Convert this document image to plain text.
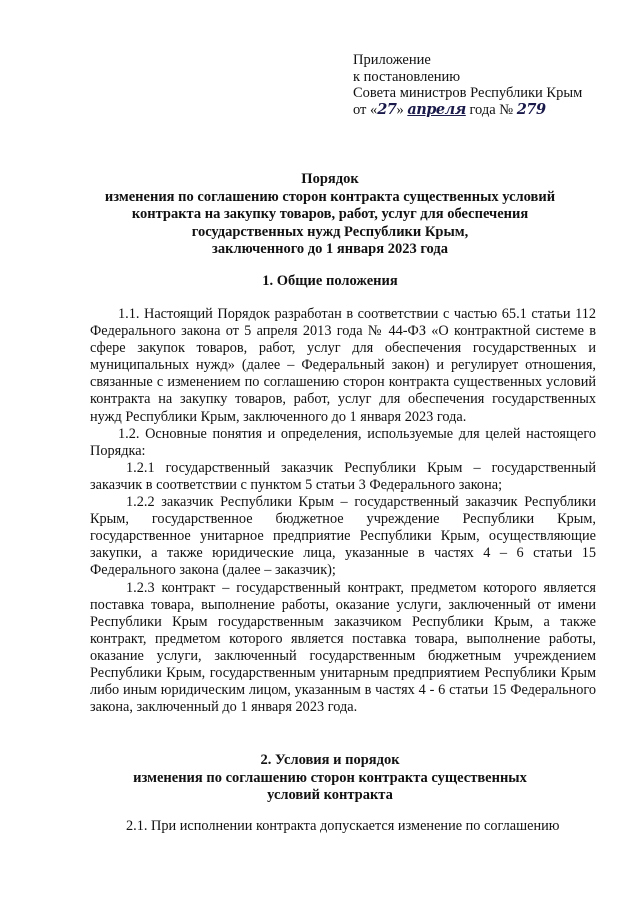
Приложение
к постановлению
Совета министров Республики Крым
от «27» апреля года № 279
Порядок
изменения по соглашению сторон контракта существенных условий
контракта на закупку товаров, работ, услуг для обеспечения
государственных нужд Республики Крым,
заключенного до 1 января 2023 года
1. Общие положения

1.1. Настоящий Порядок разработан в соответствии с частью 65.1 статьи 112 Федерального закона от 5 апреля 2013 года № 44-ФЗ «О контрактной системе в сфере закупок товаров, работ, услуг для обеспечения государственных и муниципальных нужд» (далее – Федеральный закон) и регулирует отношения, связанные с изменением по соглашению сторон контракта существенных условий контракта на закупку товаров, работ, услуг для обеспечения государственных нужд Республики Крым, заключенного до 1 января 2023 года.

1.2. Основные понятия и определения, используемые для целей настоящего Порядка:

1.2.1 государственный заказчик Республики Крым – государственный заказчик в соответствии с пунктом 5 статьи 3 Федерального закона;

1.2.2 заказчик Республики Крым – государственный заказчик Республики Крым, государственное бюджетное учреждение Республики Крым, государственное унитарное предприятие Республики Крым, осуществляющие закупки, а также юридические лица, указанные в частях 4 – 6 статьи 15 Федерального закона (далее – заказчик);

1.2.3 контракт – государственный контракт, предметом которого является поставка товара, выполнение работы, оказание услуги, заключенный от имени Республики Крым государственным заказчиком Республики Крым, а также контракт, предметом которого является поставка товара, выполнение работы, оказание услуги, заключенный государственным бюджетным учреждением Республики Крым, государственным унитарным предприятием Республики Крым либо иным юридическим лицом, указанным в частях 4 - 6 статьи 15 Федерального закона, заключенный до 1 января 2023 года.

2. Условия и порядок
изменения по соглашению сторон контракта существенных
условий контракта

2.1. При исполнении контракта допускается изменение по соглашению
